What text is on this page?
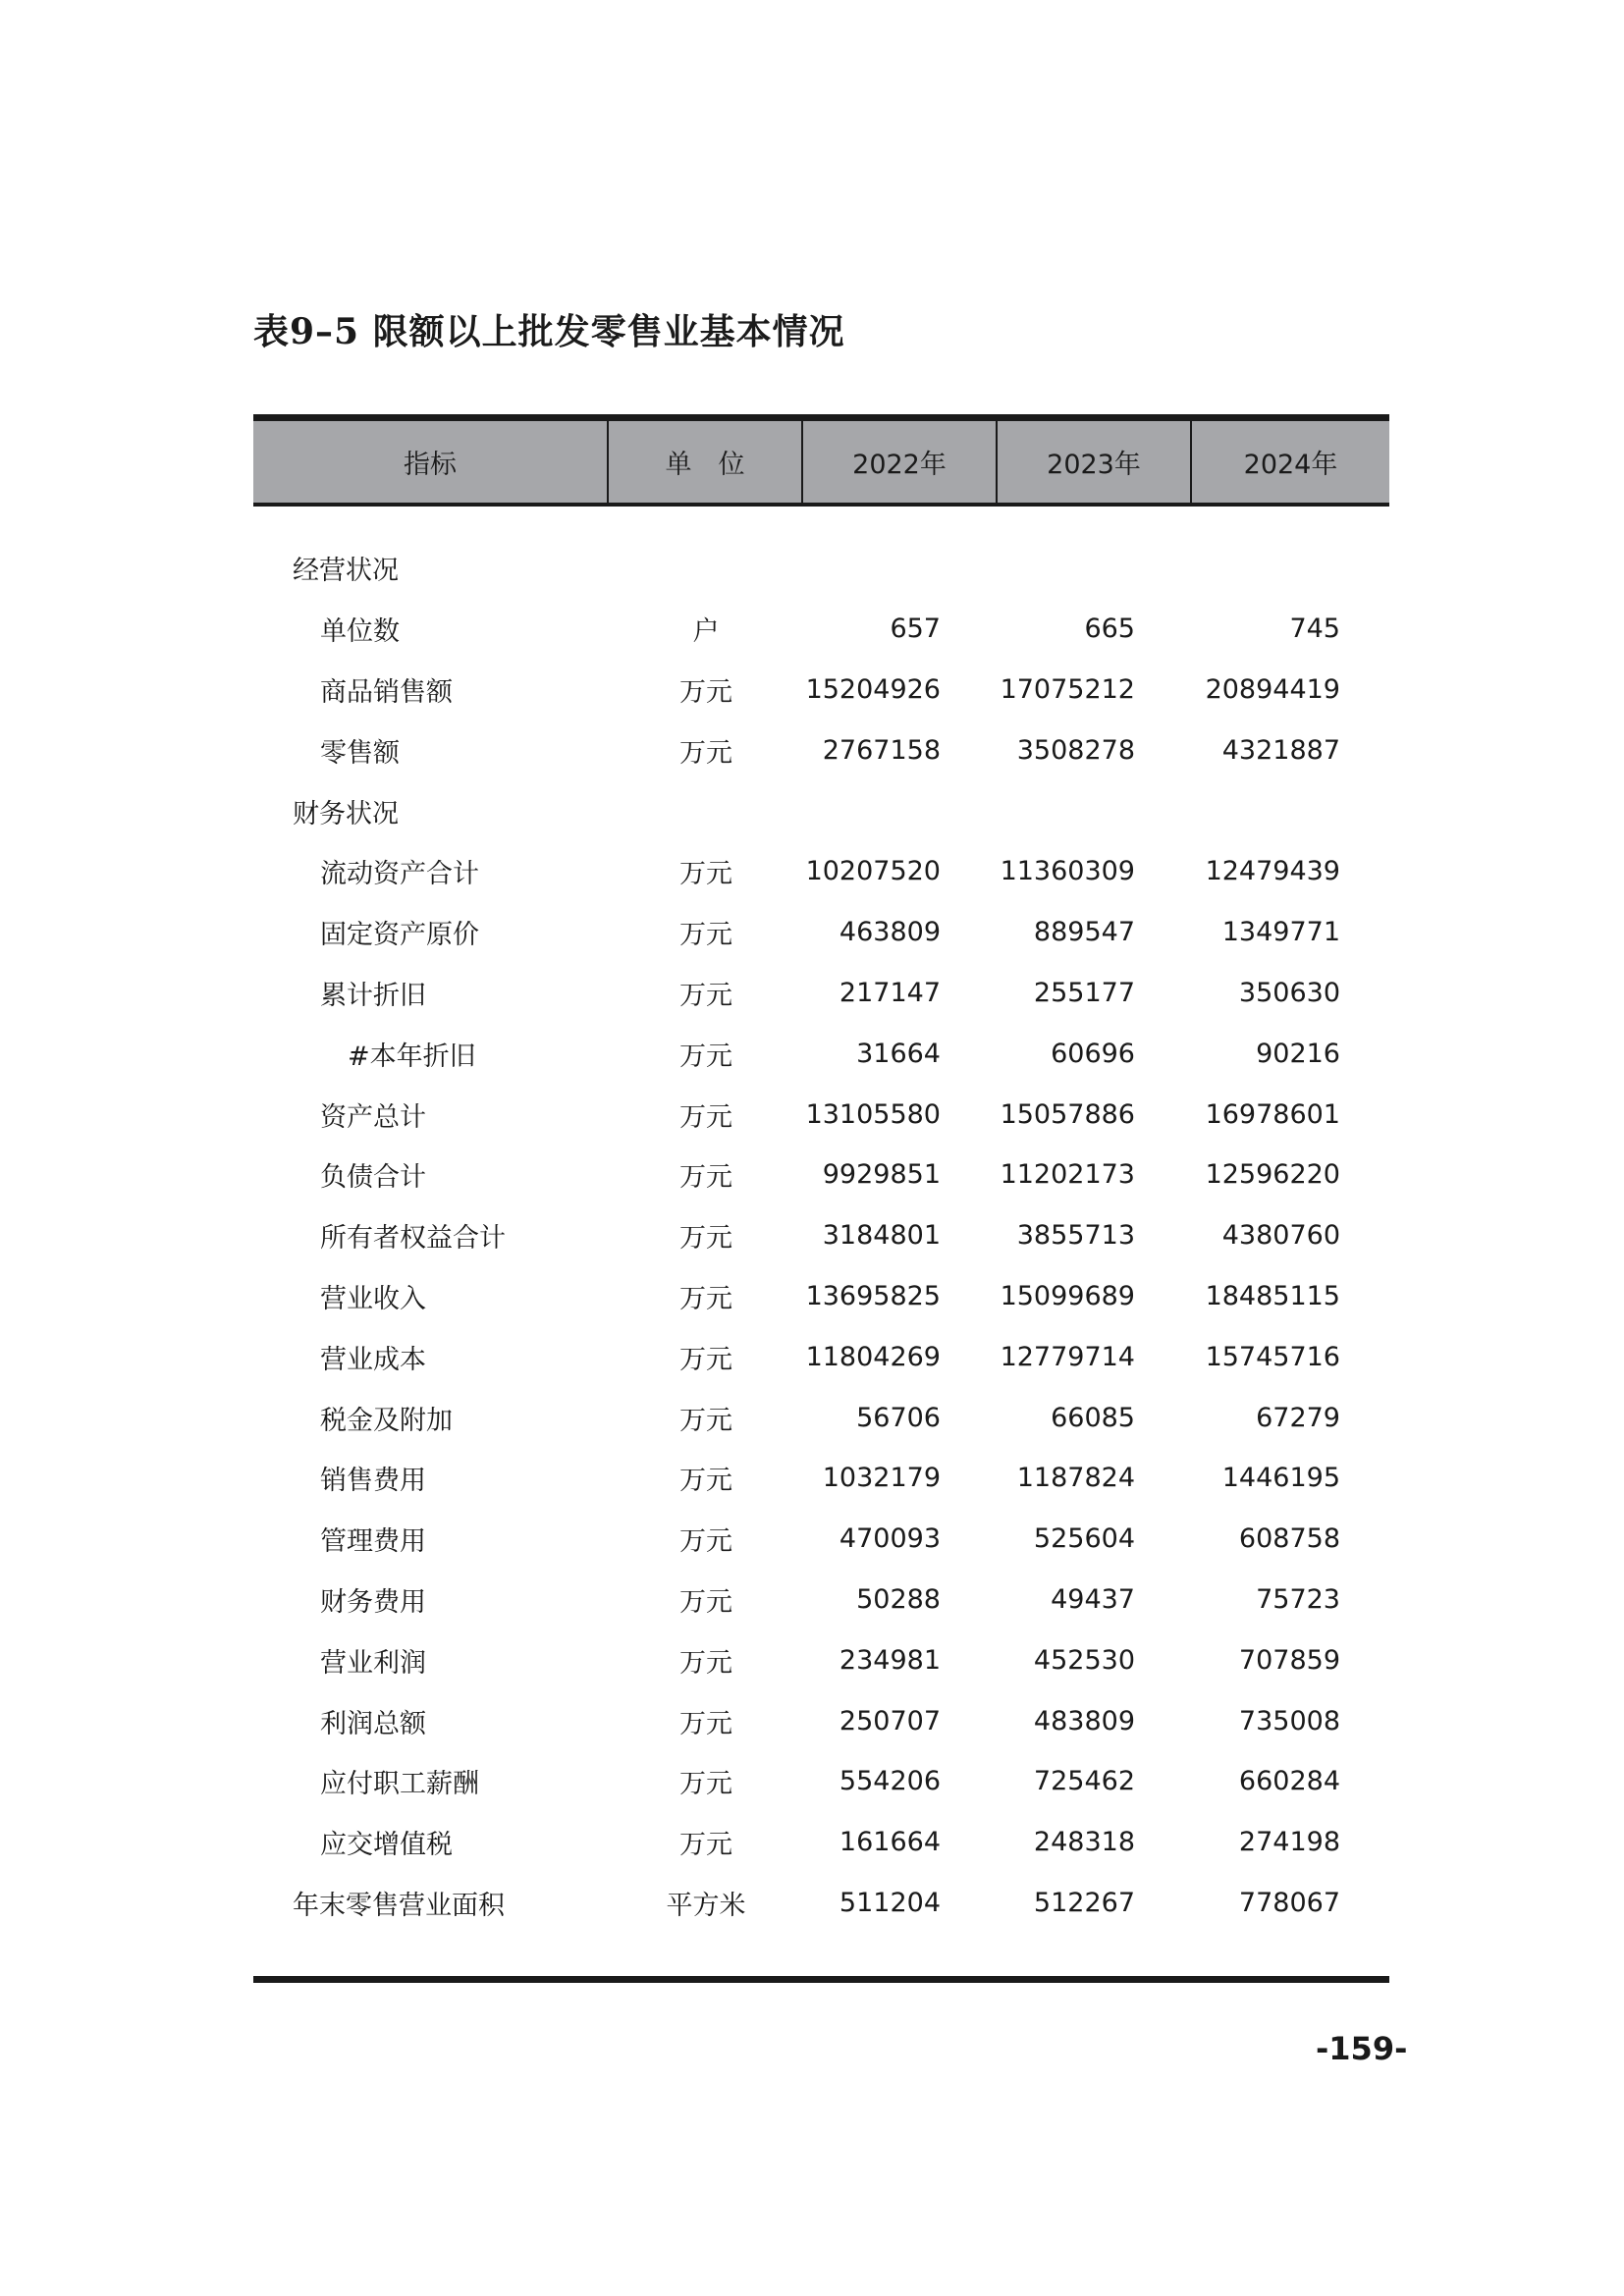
表9–5 限额以上批发零售业基本情况
指标	单　位	2022年	2023年	2024年
经营状况
单位数	户	657	665	745
商品销售额	万元	15204926	17075212	20894419
零售额	万元	2767158	3508278	4321887
财务状况
流动资产合计	万元	10207520	11360309	12479439
固定资产原价	万元	463809	889547	1349771
累计折旧	万元	217147	255177	350630
#本年折旧	万元	31664	60696	90216
资产总计	万元	13105580	15057886	16978601
负债合计	万元	9929851	11202173	12596220
所有者权益合计	万元	3184801	3855713	4380760
营业收入	万元	13695825	15099689	18485115
营业成本	万元	11804269	12779714	15745716
税金及附加	万元	56706	66085	67279
销售费用	万元	1032179	1187824	1446195
管理费用	万元	470093	525604	608758
财务费用	万元	50288	49437	75723
营业利润	万元	234981	452530	707859
利润总额	万元	250707	483809	735008
应付职工薪酬	万元	554206	725462	660284
应交增值税	万元	161664	248318	274198
年末零售营业面积	平方米	511204	512267	778067
-159-
